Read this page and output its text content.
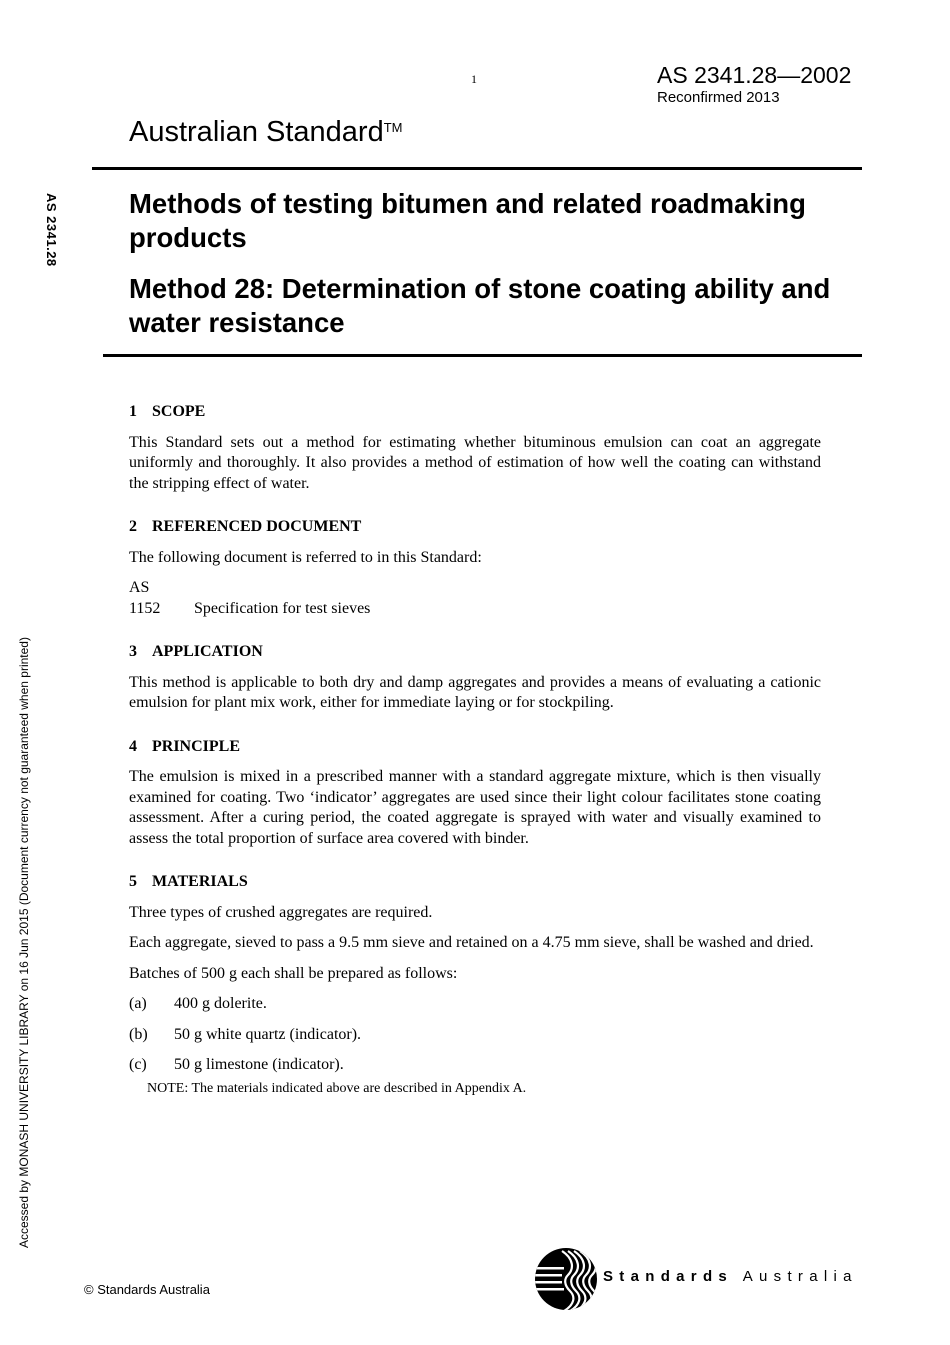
1	AS 2341.28—2002
Reconfirmed 2013
Australian Standard™
Methods of testing bitumen and related roadmaking products
Method 28: Determination of stone coating ability and water resistance
AS 2341.28
Accessed by MONASH UNIVERSITY LIBRARY on 16 Jun 2015 (Document currency not guaranteed when printed)
1 SCOPE

This Standard sets out a method for estimating whether bituminous emulsion can coat an aggregate uniformly and thoroughly. It also provides a method of estimation of how well the coating can withstand the stripping effect of water.

2 REFERENCED DOCUMENT

The following document is referred to in this Standard:

AS
1152	Specification for test sieves
3 APPLICATION

This method is applicable to both dry and damp aggregates and provides a means of evaluating a cationic emulsion for plant mix work, either for immediate laying or for stockpiling.

4 PRINCIPLE

The emulsion is mixed in a prescribed manner with a standard aggregate mixture, which is then visually examined for coating. Two ‘indicator’ aggregates are used since their light colour facilitates stone coating assessment. After a curing period, the coated aggregate is sprayed with water and visually examined to assess the total proportion of surface area covered with binder.

5 MATERIALS

Three types of crushed aggregates are required.

Each aggregate, sieved to pass a 9.5 mm sieve and retained on a 4.75 mm sieve, shall be washed and dried.

Batches of 500 g each shall be prepared as follows:

(a)	400 g dolerite.
(b)	50 g white quartz (indicator).
(c)	50 g limestone (indicator).
NOTE: The materials indicated above are described in Appendix A.
© Standards Australia
Standards Australia
